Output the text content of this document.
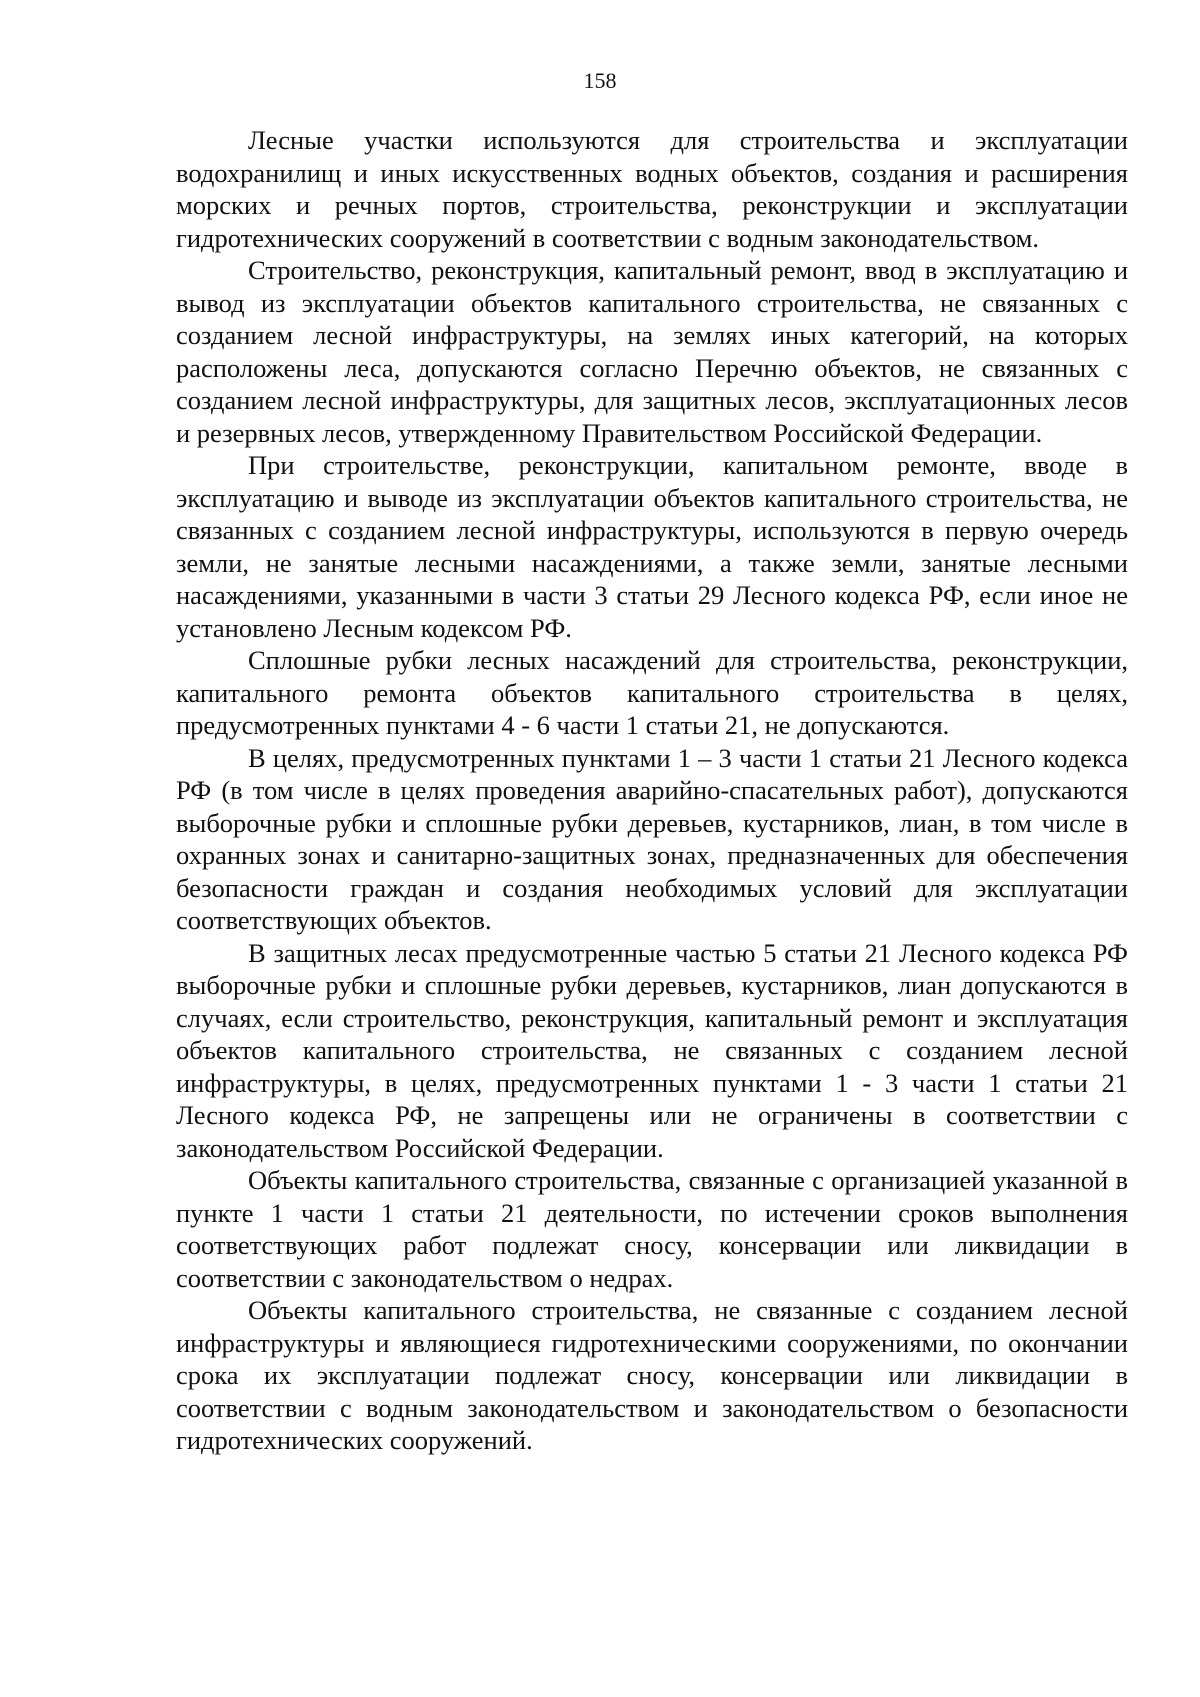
158

Лесные участки используются для строительства и эксплуатации водохранилищ и иных искусственных водных объектов, создания и расширения морских и речных портов, строительства, реконструкции и эксплуатации гидротехнических сооружений в соответствии с водным законодательством.

Строительство, реконструкция, капитальный ремонт, ввод в эксплуатацию и вывод из эксплуатации объектов капитального строительства, не связанных с созданием лесной инфраструктуры, на землях иных категорий, на которых расположены леса, допускаются согласно Перечню объектов, не связанных с созданием лесной инфраструктуры, для защитных лесов, эксплуатационных лесов и резервных лесов, утвержденному Правительством Российской Федерации.

При строительстве, реконструкции, капитальном ремонте, вводе в эксплуатацию и выводе из эксплуатации объектов капитального строительства, не связанных с созданием лесной инфраструктуры, используются в первую очередь земли, не занятые лесными насаждениями, а также земли, занятые лесными насаждениями, указанными в части 3 статьи 29 Лесного кодекса РФ, если иное не установлено Лесным кодексом РФ.

Сплошные рубки лесных насаждений для строительства, реконструкции, капитального ремонта объектов капитального строительства в целях, предусмотренных пунктами 4 - 6 части 1 статьи 21, не допускаются.

В целях, предусмотренных пунктами 1 – 3 части 1 статьи 21 Лесного кодекса РФ (в том числе в целях проведения аварийно-спасательных работ), допускаются выборочные рубки и сплошные рубки деревьев, кустарников, лиан, в том числе в охранных зонах и санитарно-защитных зонах, предназначенных для обеспечения безопасности граждан и создания необходимых условий для эксплуатации соответствующих объектов.

В защитных лесах предусмотренные частью 5 статьи 21 Лесного кодекса РФ выборочные рубки и сплошные рубки деревьев, кустарников, лиан допускаются в случаях, если строительство, реконструкция, капитальный ремонт и эксплуатация объектов капитального строительства, не связанных с созданием лесной инфраструктуры, в целях, предусмотренных пунктами 1 - 3 части 1 статьи 21 Лесного кодекса РФ, не запрещены или не ограничены в соответствии с законодательством Российской Федерации.

Объекты капитального строительства, связанные с организацией указанной в пункте 1 части 1 статьи 21 деятельности, по истечении сроков выполнения соответствующих работ подлежат сносу, консервации или ликвидации в соответствии с законодательством о недрах.

Объекты капитального строительства, не связанные с созданием лесной инфраструктуры и являющиеся гидротехническими сооружениями, по окончании срока их эксплуатации подлежат сносу, консервации или ликвидации в соответствии с водным законодательством и законодательством о безопасности гидротехнических сооружений.
